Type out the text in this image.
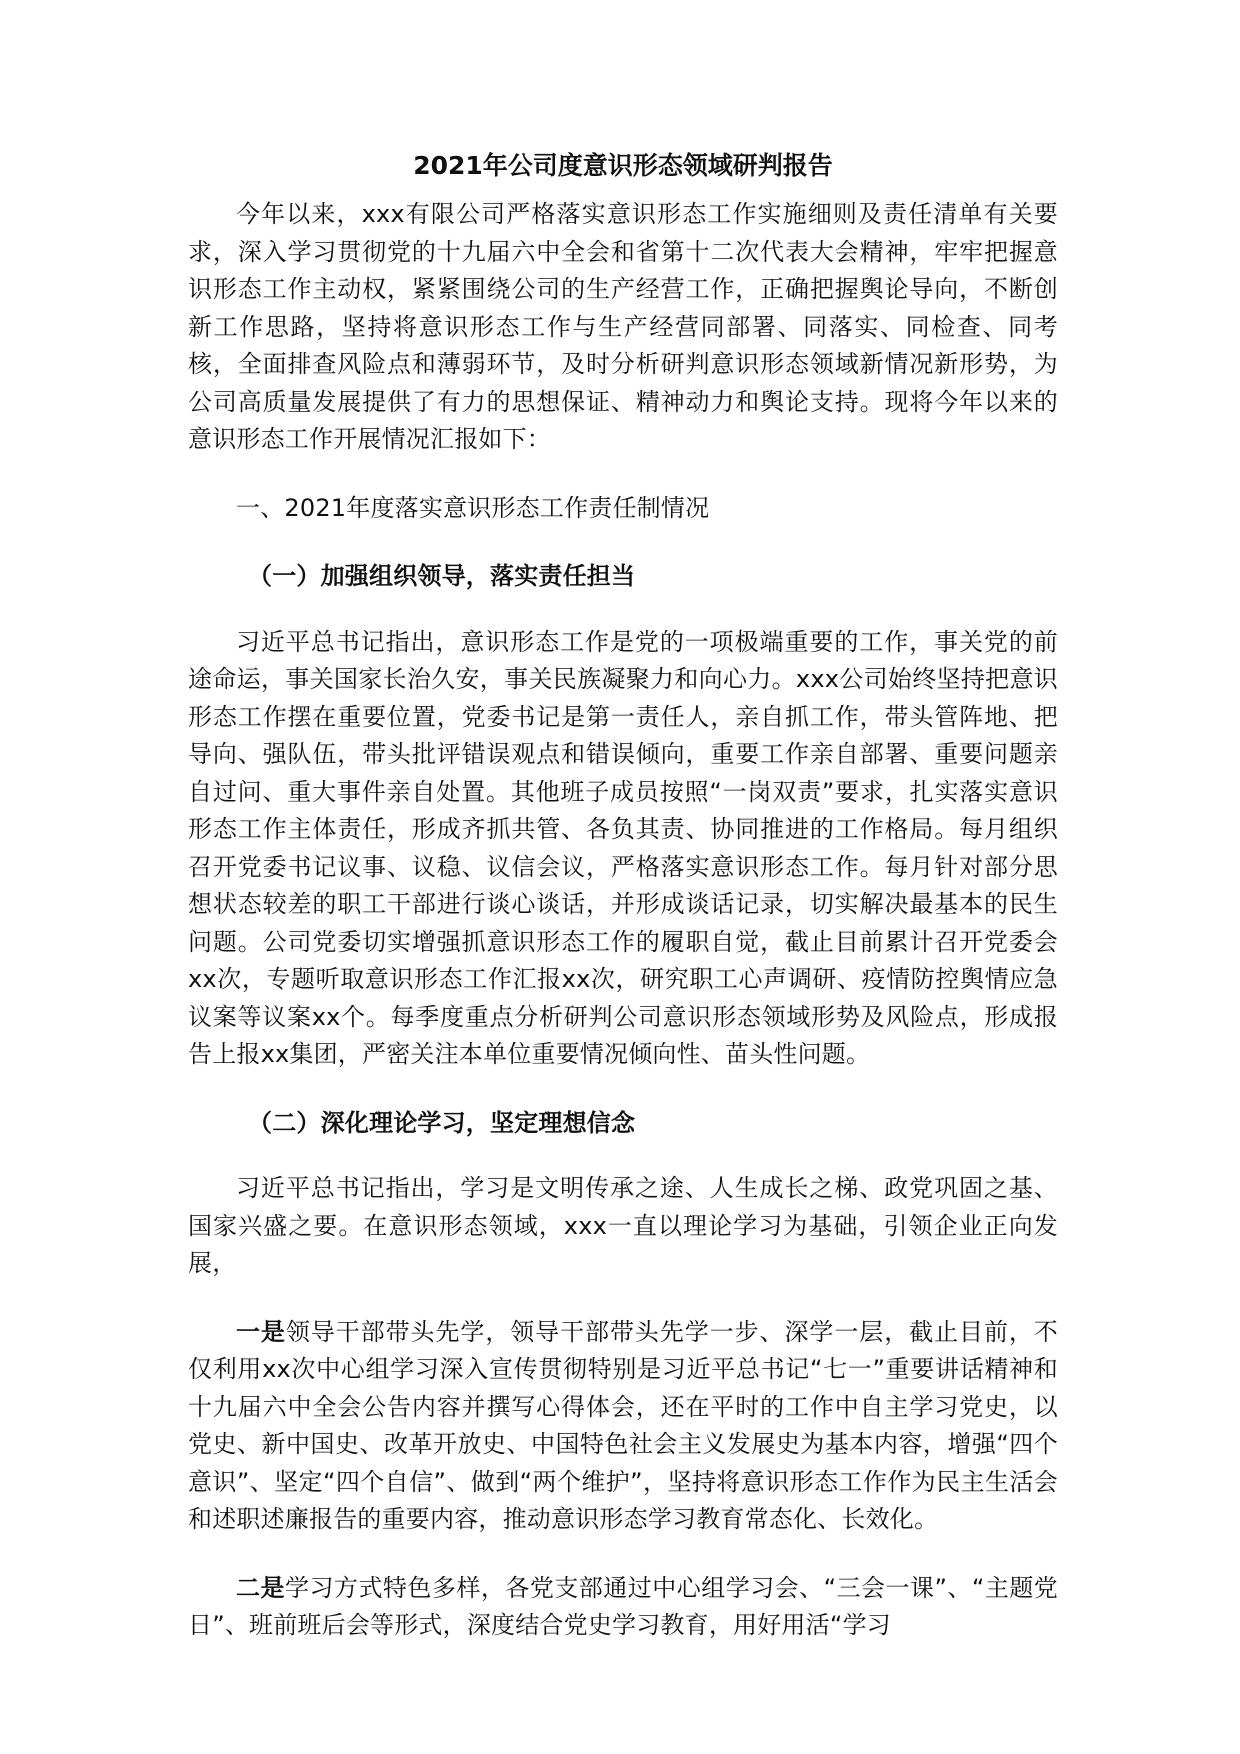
2021年公司度意识形态领域研判报告

今年以来，xxx有限公司严格落实意识形态工作实施细则及责任清单有关要求，深入学习贯彻党的十九届六中全会和省第十二次代表大会精神，牢牢把握意识形态工作主动权，紧紧围绕公司的生产经营工作，正确把握舆论导向，不断创新工作思路，坚持将意识形态工作与生产经营同部署、同落实、同检查、同考核，全面排查风险点和薄弱环节，及时分析研判意识形态领域新情况新形势，为公司高质量发展提供了有力的思想保证、精神动力和舆论支持。现将今年以来的意识形态工作开展情况汇报如下：

一、2021年度落实意识形态工作责任制情况

（一）加强组织领导，落实责任担当

习近平总书记指出，意识形态工作是党的一项极端重要的工作，事关党的前途命运，事关国家长治久安，事关民族凝聚力和向心力。xxx公司始终坚持把意识形态工作摆在重要位置，党委书记是第一责任人，亲自抓工作，带头管阵地、把导向、强队伍，带头批评错误观点和错误倾向，重要工作亲自部署、重要问题亲自过问、重大事件亲自处置。其他班子成员按照“一岗双责”要求，扎实落实意识形态工作主体责任，形成齐抓共管、各负其责、协同推进的工作格局。每月组织召开党委书记议事、议稳、议信会议，严格落实意识形态工作。每月针对部分思想状态较差的职工干部进行谈心谈话，并形成谈话记录，切实解决最基本的民生问题。公司党委切实增强抓意识形态工作的履职自觉，截止目前累计召开党委会xx次，专题听取意识形态工作汇报xx次，研究职工心声调研、疫情防控舆情应急议案等议案xx个。每季度重点分析研判公司意识形态领域形势及风险点，形成报告上报xx集团，严密关注本单位重要情况倾向性、苗头性问题。

（二）深化理论学习，坚定理想信念

习近平总书记指出，学习是文明传承之途、人生成长之梯、政党巩固之基、国家兴盛之要。在意识形态领域，xxx一直以理论学习为基础，引领企业正向发展，

一是领导干部带头先学，领导干部带头先学一步、深学一层，截止目前，不仅利用xx次中心组学习深入宣传贯彻特别是习近平总书记“七一”重要讲话精神和十九届六中全会公告内容并撰写心得体会，还在平时的工作中自主学习党史，以党史、新中国史、改革开放史、中国特色社会主义发展史为基本内容，增强“四个意识”、坚定“四个自信”、做到“两个维护”，坚持将意识形态工作作为民主生活会和述职述廉报告的重要内容，推动意识形态学习教育常态化、长效化。

二是学习方式特色多样，各党支部通过中心组学习会、“三会一课”、“主题党日”、班前班后会等形式，深度结合党史学习教育，用好用活“学习
